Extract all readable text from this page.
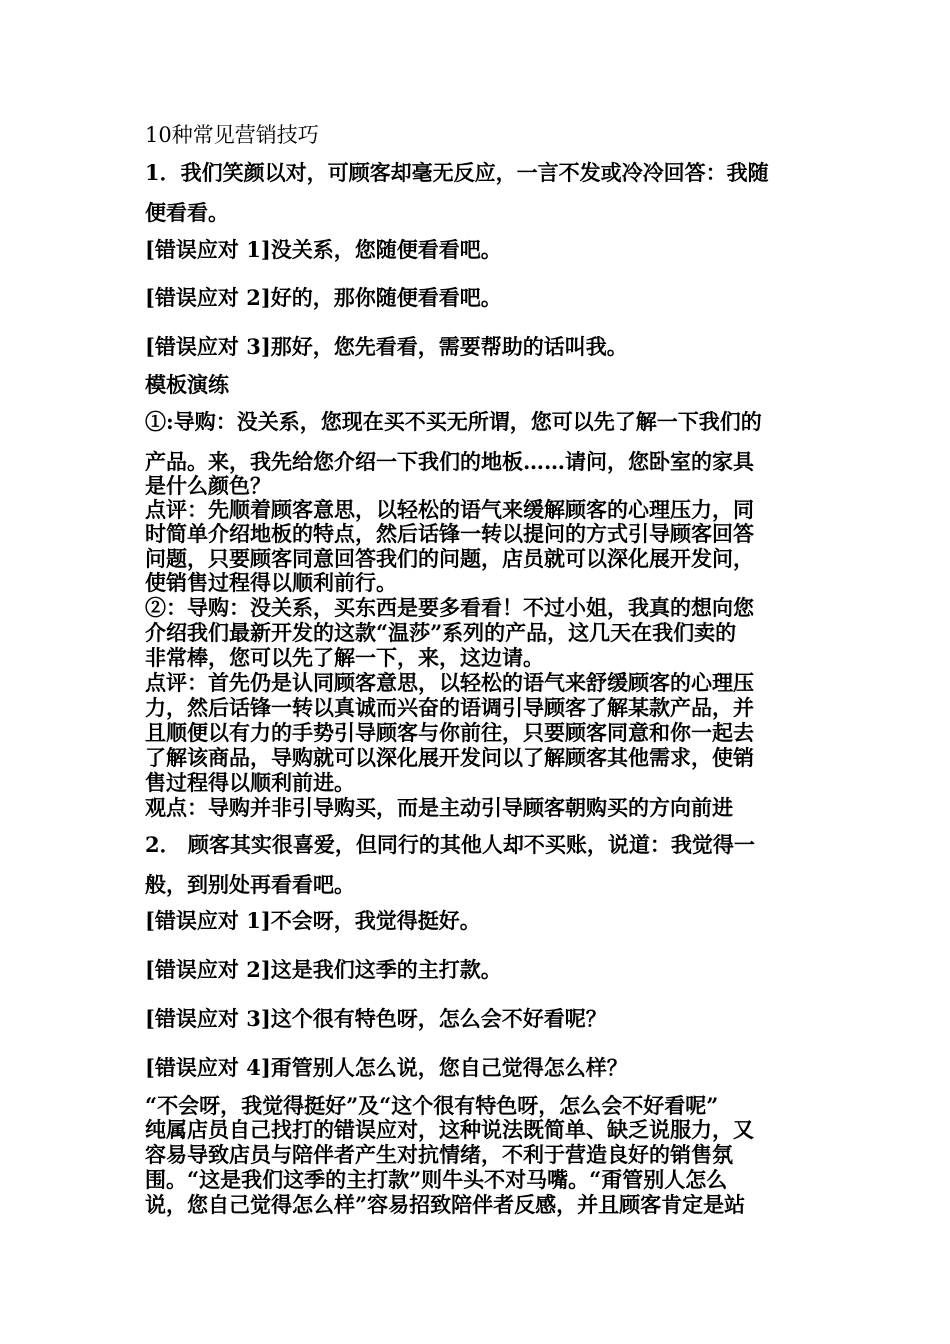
10种常见营销技巧
1．我们笑颜以对，可顾客却毫无反应，一言不发或冷冷回答：我随
便看看。
[错误应对 1]没关系，您随便看看吧。
[错误应对 2]好的，那你随便看看吧。
[错误应对 3]那好，您先看看，需要帮助的话叫我。
模板演练
①:导购：没关系，您现在买不买无所谓，您可以先了解一下我们的
产品。来，我先给您介绍一下我们的地板……请问，您卧室的家具
是什么颜色？
点评：先顺着顾客意思，以轻松的语气来缓解顾客的心理压力，同
时简单介绍地板的特点，然后话锋一转以提问的方式引导顾客回答
问题，只要顾客同意回答我们的问题，店员就可以深化展开发问，
使销售过程得以顺利前行。
②：导购：没关系，买东西是要多看看！不过小姐，我真的想向您
介绍我们最新开发的这款“温莎”系列的产品，这几天在我们卖的
非常棒，您可以先了解一下，来，这边请。
点评：首先仍是认同顾客意思，以轻松的语气来舒缓顾客的心理压
力，然后话锋一转以真诚而兴奋的语调引导顾客了解某款产品，并
且顺便以有力的手势引导顾客与你前往，只要顾客同意和你一起去
了解该商品，导购就可以深化展开发问以了解顾客其他需求，使销
售过程得以顺利前进。
观点：导购并非引导购买，而是主动引导顾客朝购买的方向前进
2． 顾客其实很喜爱，但同行的其他人却不买账，说道：我觉得一
般，到别处再看看吧。
[错误应对 1]不会呀，我觉得挺好。
[错误应对 2]这是我们这季的主打款。
[错误应对 3]这个很有特色呀，怎么会不好看呢？
[错误应对 4]甭管别人怎么说，您自己觉得怎么样？
“不会呀，我觉得挺好”及“这个很有特色呀，怎么会不好看呢”
纯属店员自己找打的错误应对，这种说法既简单、缺乏说服力，又
容易导致店员与陪伴者产生对抗情绪，不利于营造良好的销售氛
围。“这是我们这季的主打款”则牛头不对马嘴。“甭管别人怎么
说，您自己觉得怎么样”容易招致陪伴者反感，并且顾客肯定是站
